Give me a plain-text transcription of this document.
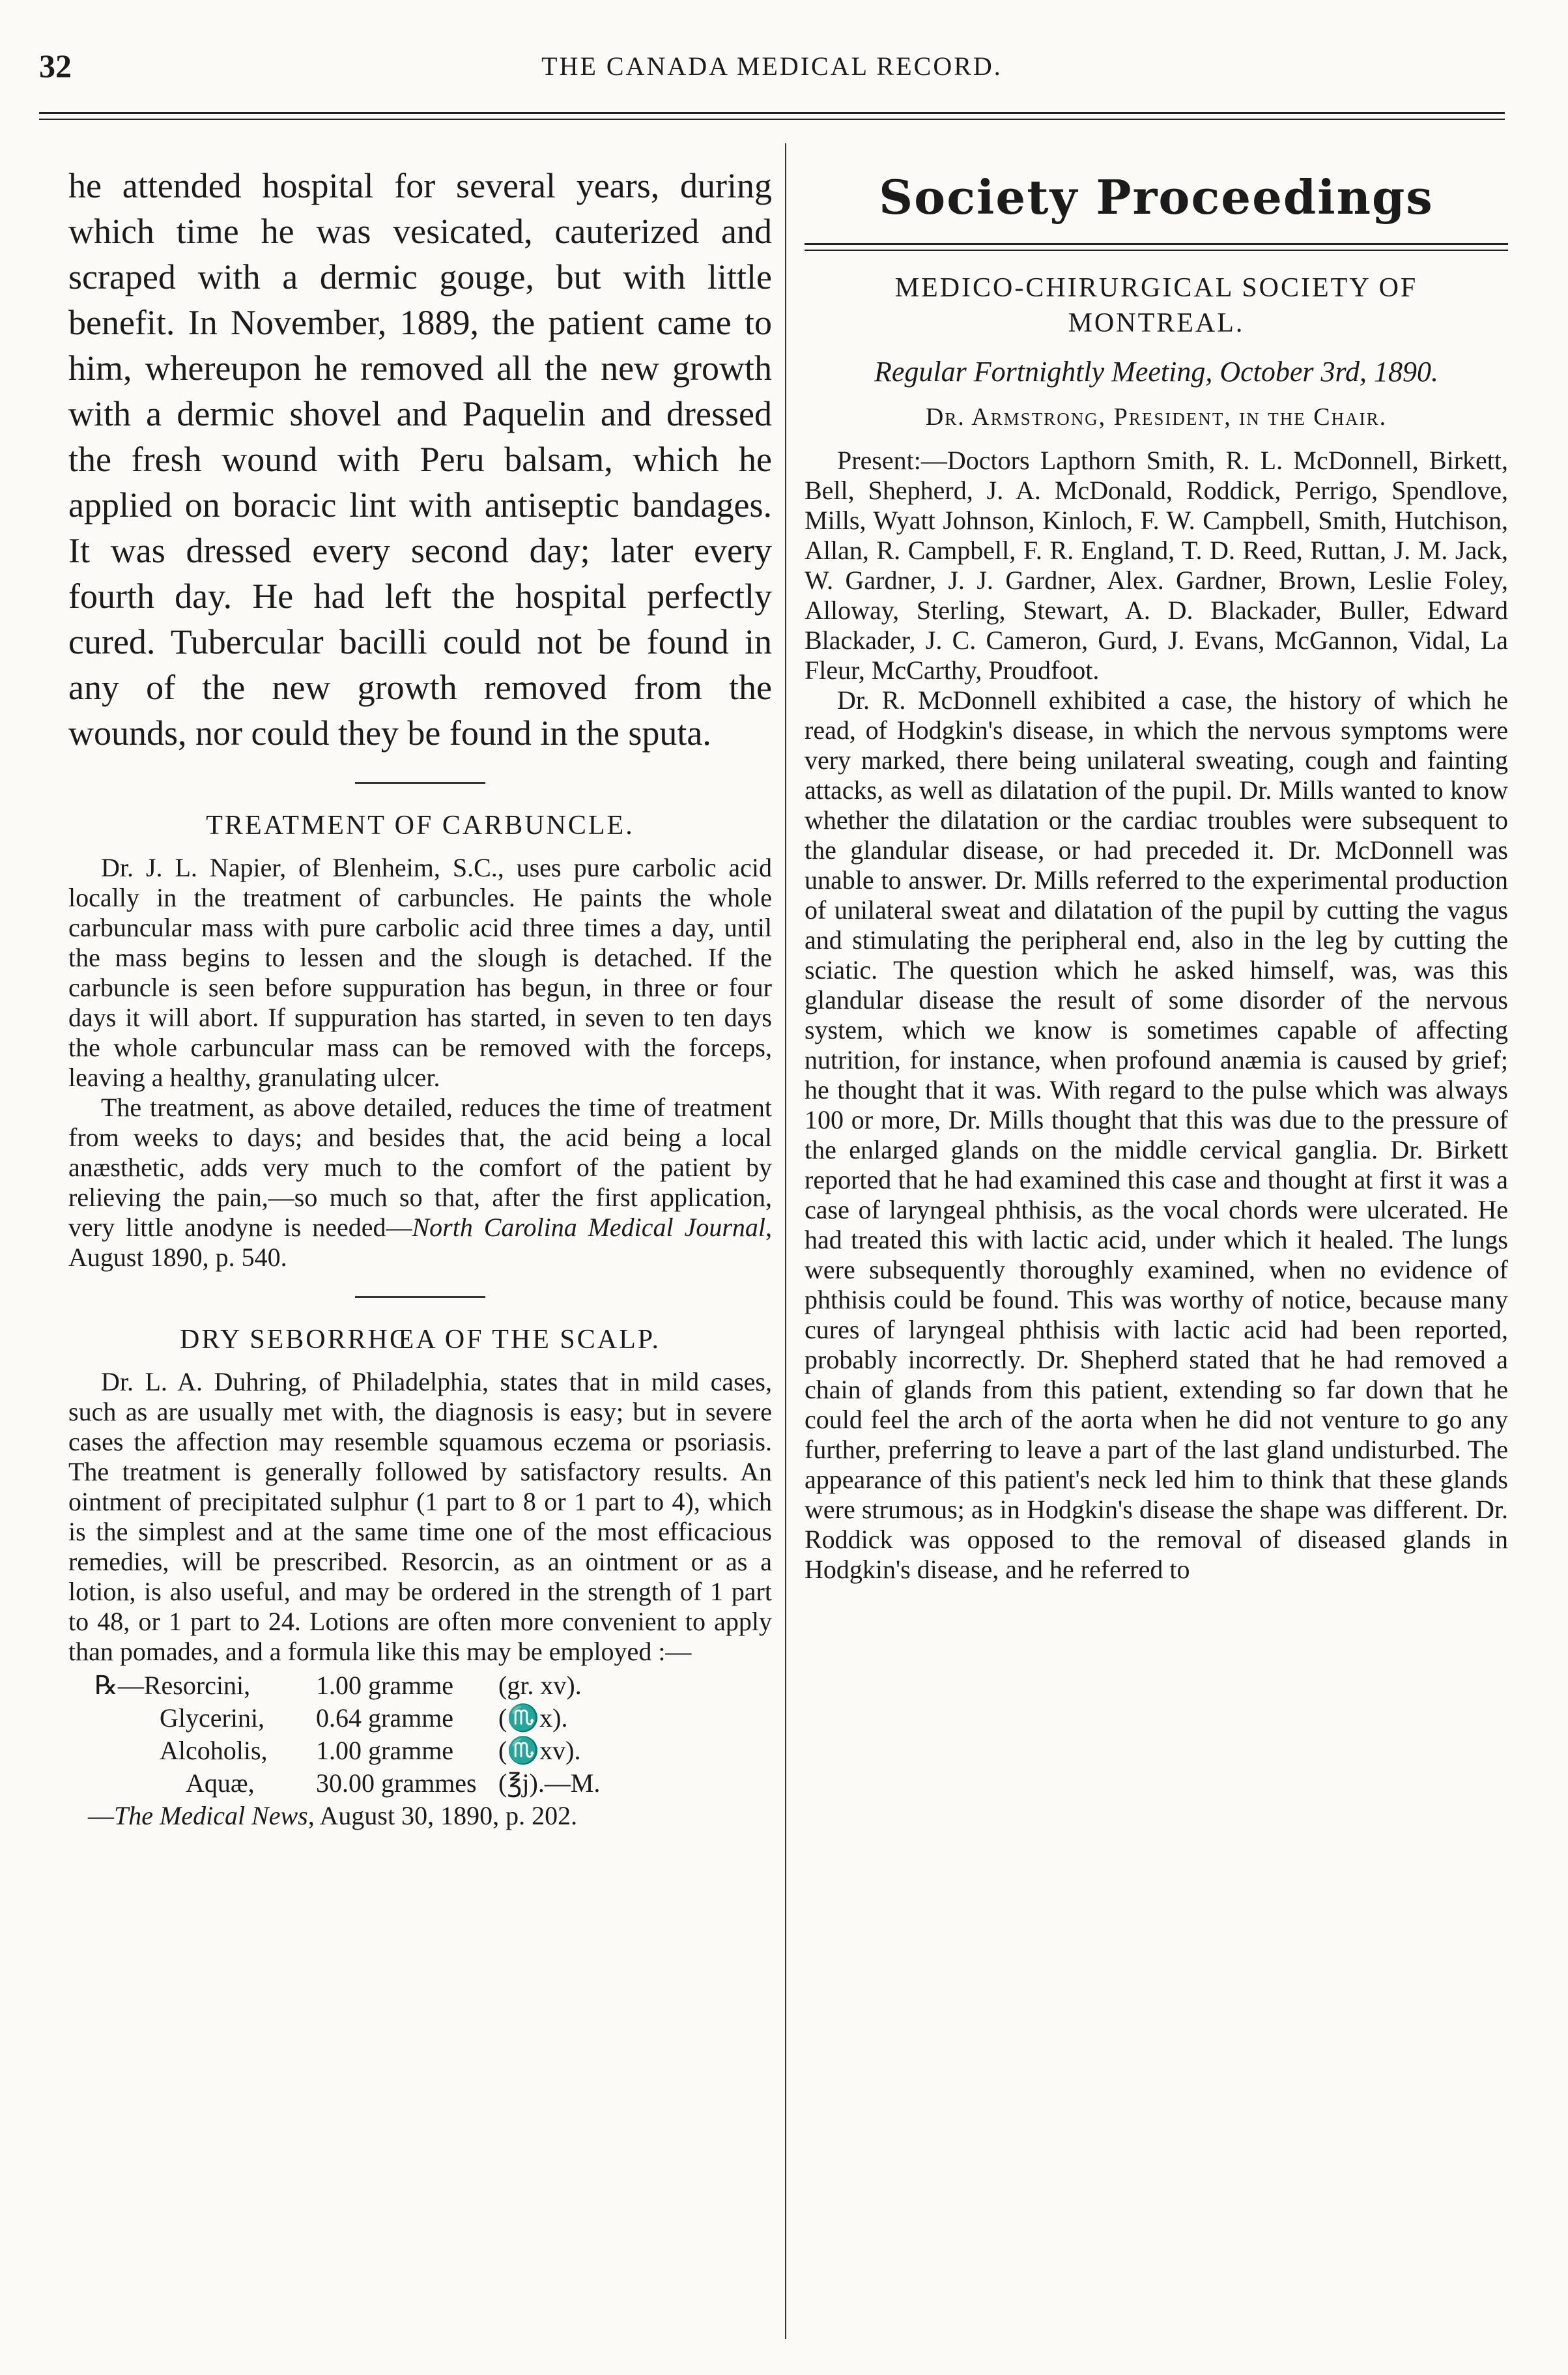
32	THE CANADA MEDICAL RECORD.

he attended hospital for several years, during which time he was vesicated, cauterized and scraped with a dermic gouge, but with little benefit. In November, 1889, the patient came to him, whereupon he removed all the new growth with a dermic shovel and Paquelin and dressed the fresh wound with Peru balsam, which he applied on boracic lint with antiseptic bandages. It was dressed every second day; later every fourth day. He had left the hospital perfectly cured. Tubercular bacilli could not be found in any of the new growth removed from the wounds, nor could they be found in the sputa.

TREATMENT OF CARBUNCLE.

Dr. J. L. Napier, of Blenheim, S.C., uses pure carbolic acid locally in the treatment of carbuncles. He paints the whole carbuncular mass with pure carbolic acid three times a day, until the mass begins to lessen and the slough is detached. If the carbuncle is seen before suppuration has begun, in three or four days it will abort. If suppuration has started, in seven to ten days the whole carbuncular mass can be removed with the forceps, leaving a healthy, granulating ulcer.

The treatment, as above detailed, reduces the time of treatment from weeks to days; and besides that, the acid being a local anæsthetic, adds very much to the comfort of the patient by relieving the pain,—so much so that, after the first application, very little anodyne is needed—North Carolina Medical Journal, August 1890, p. 540.

DRY SEBORRHŒA OF THE SCALP.

Dr. L. A. Duhring, of Philadelphia, states that in mild cases, such as are usually met with, the diagnosis is easy; but in severe cases the affection may resemble squamous eczema or psoriasis. The treatment is generally followed by satisfactory results. An ointment of precipitated sulphur (1 part to 8 or 1 part to 4), which is the simplest and at the same time one of the most efficacious remedies, will be prescribed. Resorcin, as an ointment or as a lotion, is also useful, and may be ordered in the strength of 1 part to 48, or 1 part to 24. Lotions are often more convenient to apply than pomades, and a formula like this may be employed :—

℞—Resorcini,	1.00 gramme	(gr. xv).
Glycerini,	0.64 gramme	(♏x).
Alcoholis,	1.00 gramme	(♏xv).
Aquæ,	30.00 grammes (℥j).—M.

—The Medical News, August 30, 1890, p. 202.

Society Proceedings
MEDICO-CHIRURGICAL SOCIETY OF MONTREAL.
Regular Fortnightly Meeting, October 3rd, 1890.
Dr. Armstrong, President, in the Chair.

Present:—Doctors Lapthorn Smith, R. L. McDonnell, Birkett, Bell, Shepherd, J. A. McDonald, Roddick, Perrigo, Spendlove, Mills, Wyatt Johnson, Kinloch, F. W. Campbell, Smith, Hutchison, Allan, R. Campbell, F. R. England, T. D. Reed, Ruttan, J. M. Jack, W. Gardner, J. J. Gardner, Alex. Gardner, Brown, Leslie Foley, Alloway, Sterling, Stewart, A. D. Blackader, Buller, Edward Blackader, J. C. Cameron, Gurd, J. Evans, McGannon, Vidal, La Fleur, McCarthy, Proudfoot.

Dr. R. McDonnell exhibited a case, the history of which he read, of Hodgkin's disease, in which the nervous symptoms were very marked, there being unilateral sweating, cough and fainting attacks, as well as dilatation of the pupil. Dr. Mills wanted to know whether the dilatation or the cardiac troubles were subsequent to the glandular disease, or had preceded it. Dr. McDonnell was unable to answer. Dr. Mills referred to the experimental production of unilateral sweat and dilatation of the pupil by cutting the vagus and stimulating the peripheral end, also in the leg by cutting the sciatic. The question which he asked himself, was, was this glandular disease the result of some disorder of the nervous system, which we know is sometimes capable of affecting nutrition, for instance, when profound anæmia is caused by grief; he thought that it was. With regard to the pulse which was always 100 or more, Dr. Mills thought that this was due to the pressure of the enlarged glands on the middle cervical ganglia. Dr. Birkett reported that he had examined this case and thought at first it was a case of laryngeal phthisis, as the vocal chords were ulcerated. He had treated this with lactic acid, under which it healed. The lungs were subsequently thoroughly examined, when no evidence of phthisis could be found. This was worthy of notice, because many cures of laryngeal phthisis with lactic acid had been reported, probably incorrectly. Dr. Shepherd stated that he had removed a chain of glands from this patient, extending so far down that he could feel the arch of the aorta when he did not venture to go any further, preferring to leave a part of the last gland undisturbed. The appearance of this patient's neck led him to think that these glands were strumous; as in Hodgkin's disease the shape was different. Dr. Roddick was opposed to the removal of diseased glands in Hodgkin's disease, and he referred to
